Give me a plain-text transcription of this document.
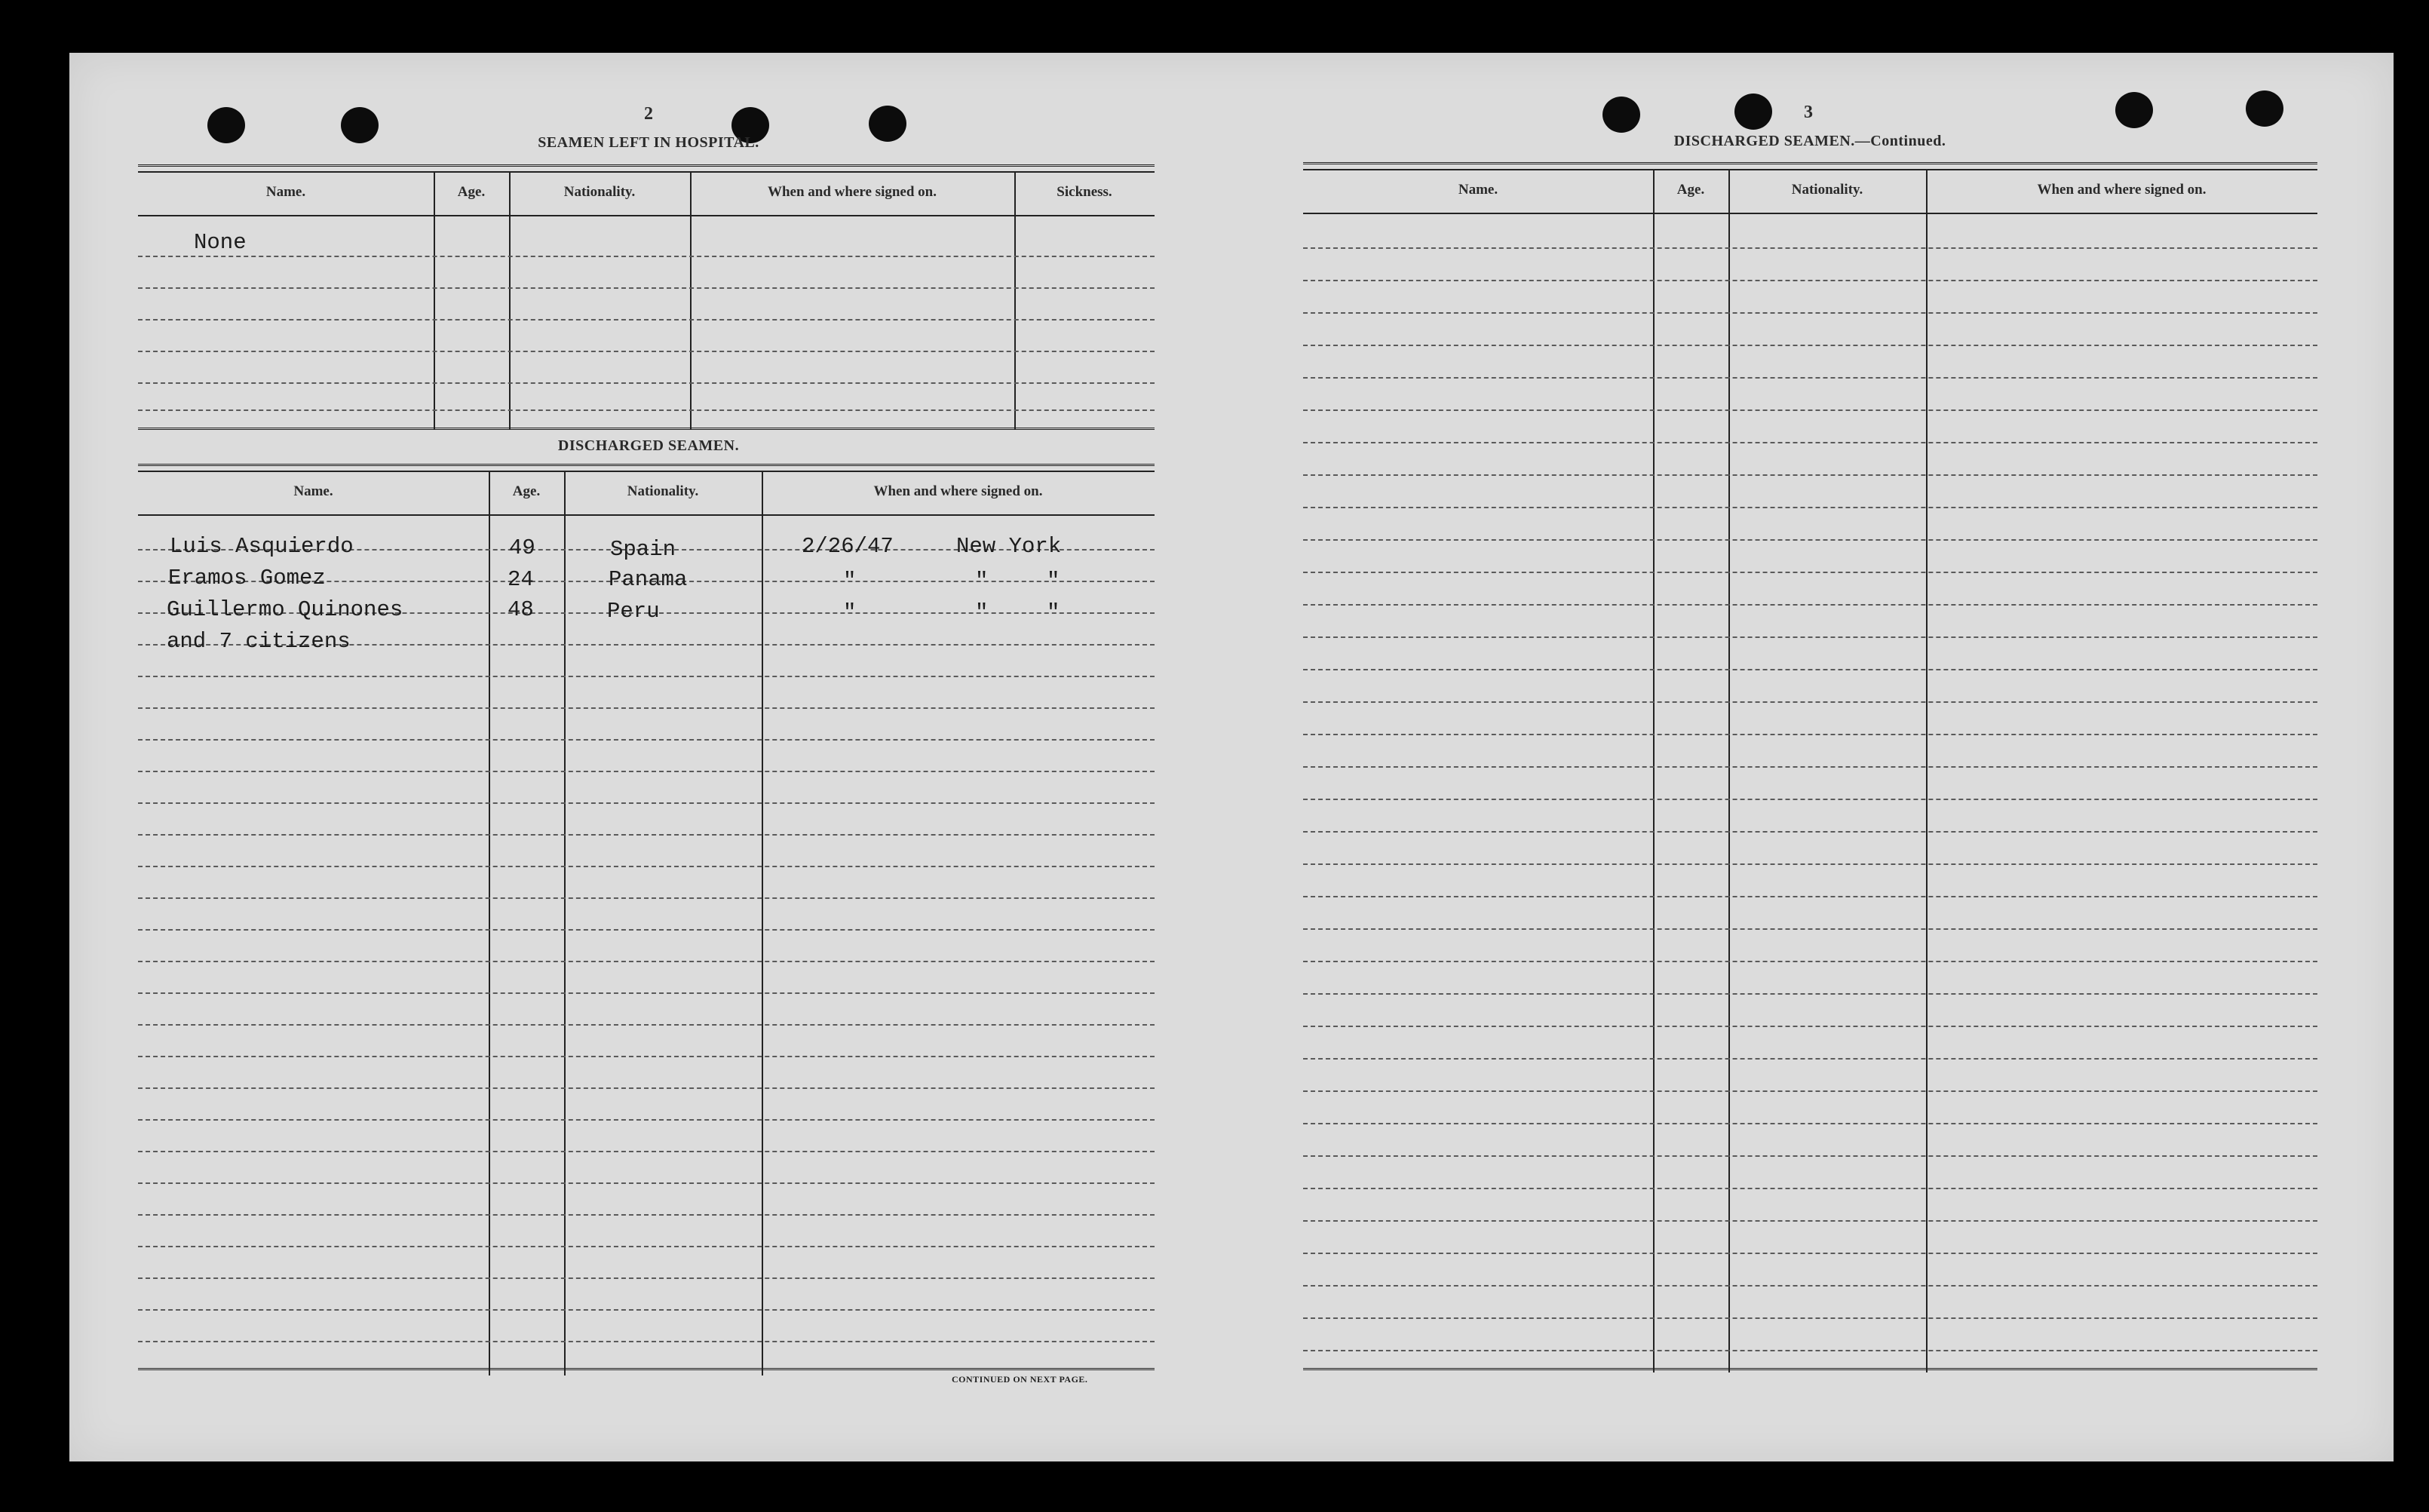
2
SEAMEN LEFT IN HOSPITAL.
Name.	Age.	Nationality.	When and where signed on.	Sickness.
None
DISCHARGED SEAMEN.
Name.	Age.	Nationality.	When and where signed on.
Luis Asquierdo	49	Spain	2/26/47	New York
Eramos Gomez	24	Panama	"	"	"
Guillermo Quinones	48	Peru	"	"	"
and 7 citizens
CONTINUED ON NEXT PAGE.
3
DISCHARGED SEAMEN.—Continued.
Name.	Age.	Nationality.	When and where signed on.
